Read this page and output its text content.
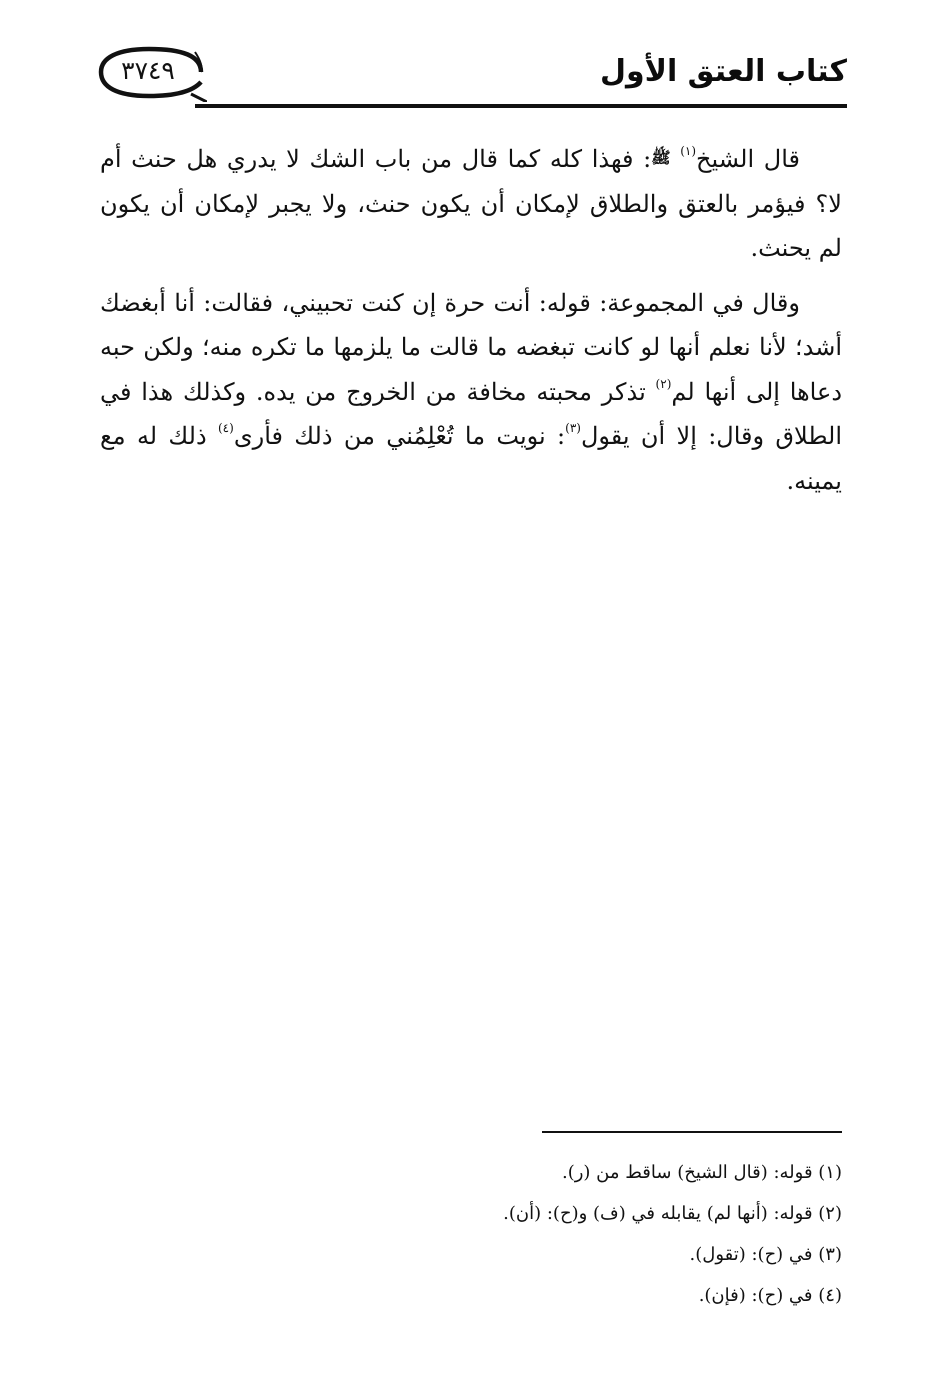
٣٧٤٩	كتاب العتق الأول

قال الشيخ$^{(١)}$ ﷺ: فهذا كله كما قال من باب الشك لا يدري هل حنث أم لا؟ فيؤمر بالعتق والطلاق لإمكان أن يكون حنث، ولا يجبر لإمكان أن يكون لم يحنث.

وقال في المجموعة: قوله: أنت حرة إن كنت تحبيني، فقالت: أنا أبغضك أشد؛ لأنا نعلم أنها لو كانت تبغضه ما قالت ما يلزمها ما تكره منه؛ ولكن حبه دعاها إلى أنها لم$^{(٢)}$ تذكر محبته مخافة من الخروج من يده. وكذلك هذا في الطلاق وقال: إلا أن يقول$^{(٣)}$: نويت ما تُعْلِمُني من ذلك فأرى$^{(٤)}$ ذلك له مع يمينه.

(١) قوله: (قال الشيخ) ساقط من (ر).
(٢) قوله: (أنها لم) يقابله في (ف) و(ح): (أن).
(٣) في (ح): (تقول).
(٤) في (ح): (فإن).
